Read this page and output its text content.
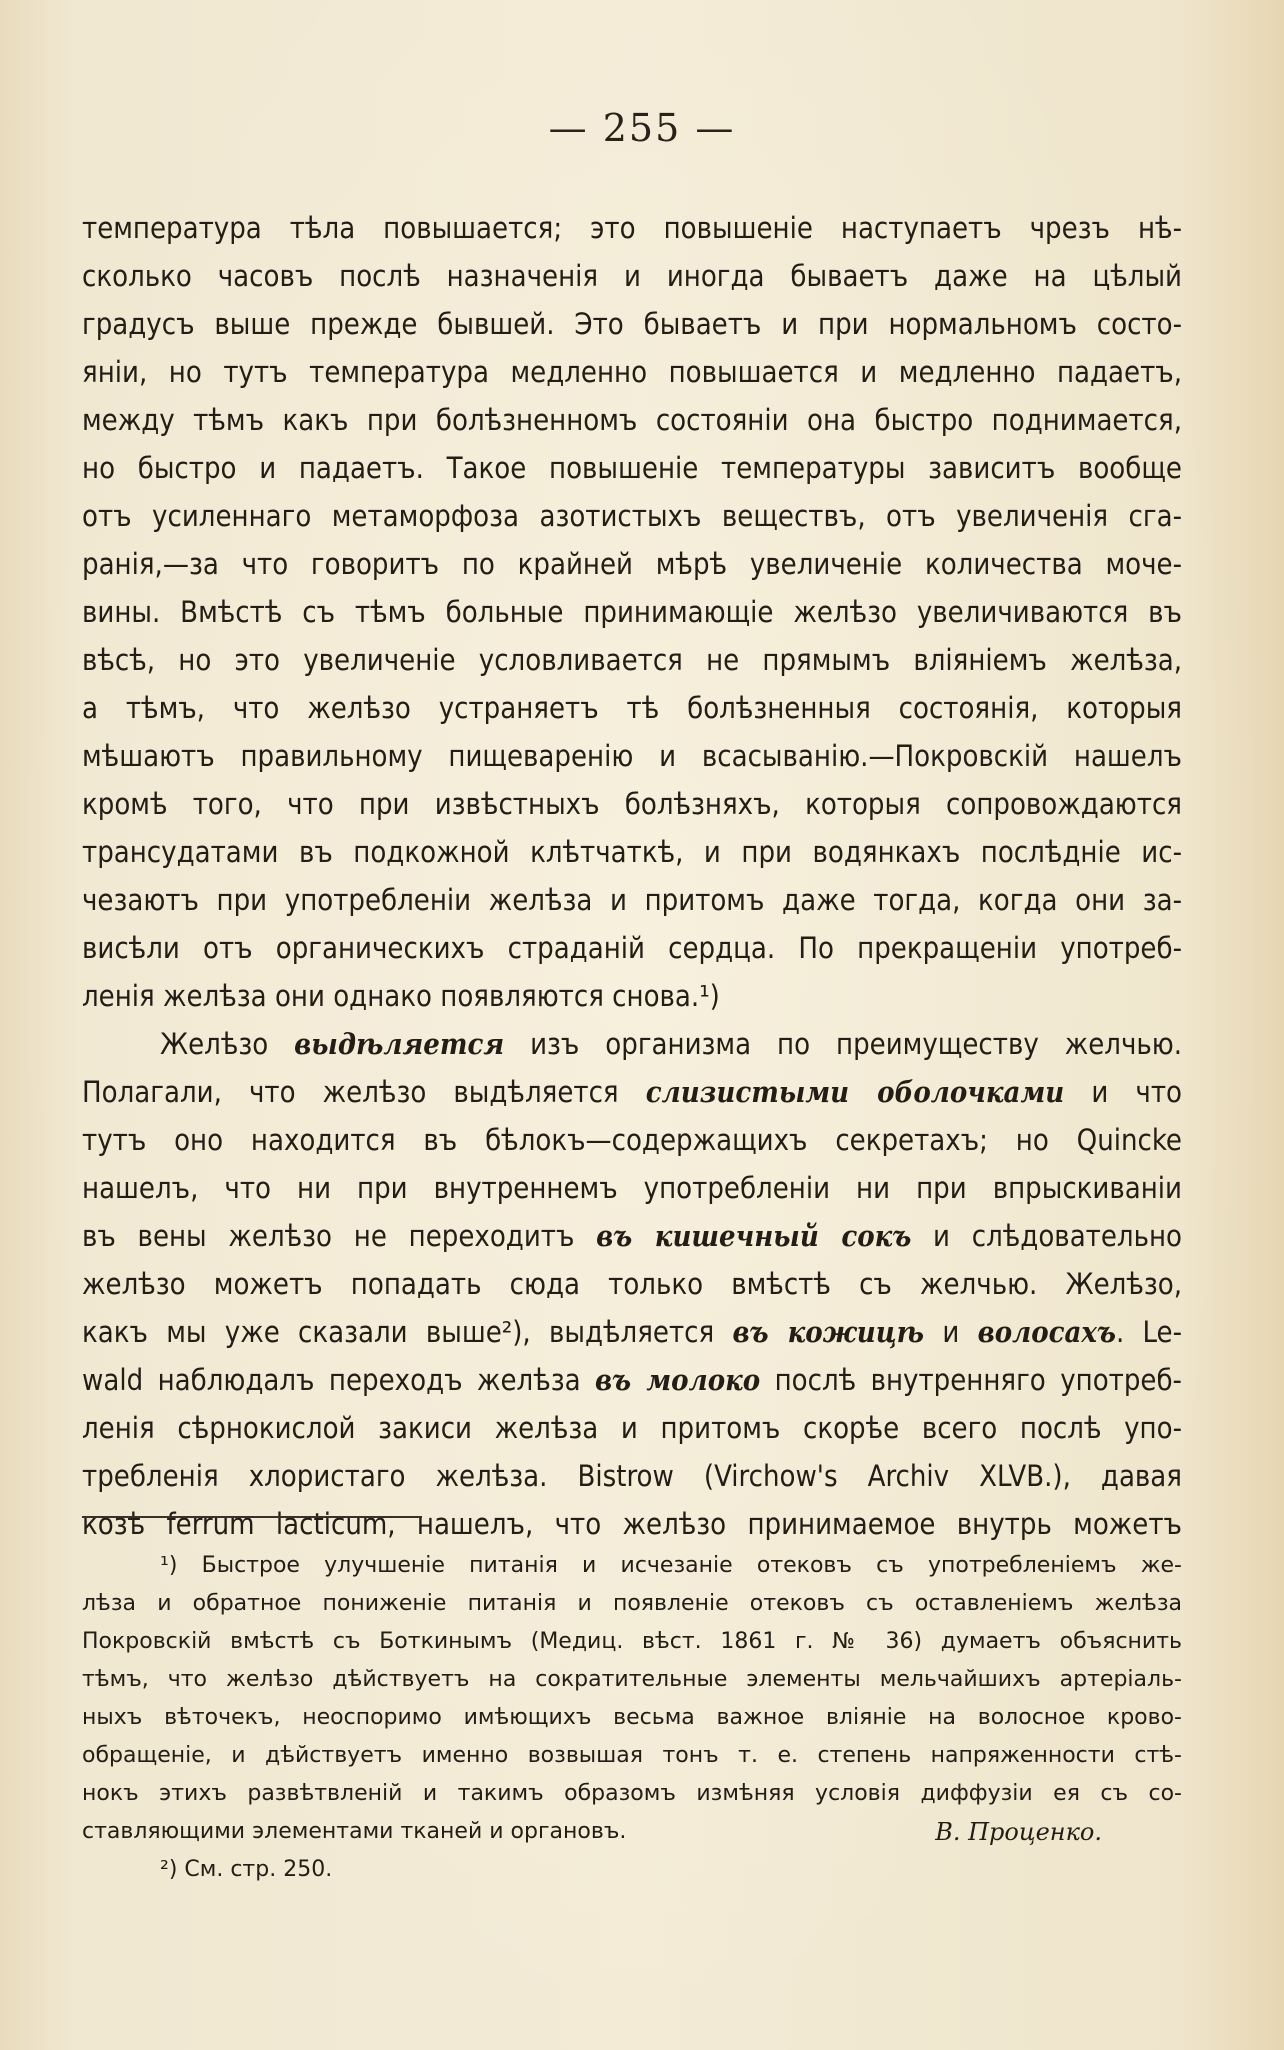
— 255 —
температура тѣла повышается; это повышеніе наступаетъ чрезъ нѣ-
сколько часовъ послѣ назначенія и иногда бываетъ даже на цѣлый
градусъ выше прежде бывшей. Это бываетъ и при нормальномъ состо-
яніи, но тутъ температура медленно повышается и медленно падаетъ,
между тѣмъ какъ при болѣзненномъ состояніи она быстро поднимается,
но быстро и падаетъ. Такое повышеніе температуры зависитъ вообще
отъ усиленнаго метаморфоза азотистыхъ веществъ, отъ увеличенія сга-
ранія,—за что говоритъ по крайней мѣрѣ увеличеніе количества моче-
вины. Вмѣстѣ съ тѣмъ больные принимающіе желѣзо увеличиваются въ
вѣсѣ, но это увеличеніе условливается не прямымъ вліяніемъ желѣза,
а тѣмъ, что желѣзо устраняетъ тѣ болѣзненныя состоянія, которыя
мѣшаютъ правильному пищеваренію и всасыванію.—Покровскій нашелъ
кромѣ того, что при извѣстныхъ болѣзняхъ, которыя сопровождаются
трансудатами въ подкожной клѣтчаткѣ, и при водянкахъ послѣдніе ис-
чезаютъ при употребленіи желѣза и притомъ даже тогда, когда они за-
висѣли отъ органическихъ страданій сердца. По прекращеніи употреб-
ленія желѣза они однако появляются снова.¹)
Желѣзо выдѣляется изъ организма по преимуществу желчью.
Полагали, что желѣзо выдѣляется слизистыми оболочками и что
тутъ оно находится въ бѣлокъ—содержащихъ секретахъ; но Quincke
нашелъ, что ни при внутреннемъ употребленіи ни при впрыскиваніи
въ вены желѣзо не переходитъ въ кишечный сокъ и слѣдовательно
желѣзо можетъ попадать сюда только вмѣстѣ съ желчью. Желѣзо,
какъ мы уже сказали выше²), выдѣляется въ кожицѣ и волосахъ. Le-
wald наблюдалъ переходъ желѣза въ молоко послѣ внутренняго употреб-
ленія сѣрнокислой закиси желѣза и притомъ скорѣе всего послѣ упо-
требленія хлористаго желѣза. Bistrow (Virchow's Archiv XLVB.), давая
козѣ ferrum lacticum, нашелъ, что желѣзо принимаемое внутрь можетъ
¹) Быстрое улучшеніе питанія и исчезаніе отековъ съ употребленіемъ же-
лѣза и обратное пониженіе питанія и появленіе отековъ съ оставленіемъ желѣза
Покровскій вмѣстѣ съ Боткинымъ (Медиц. вѣст. 1861 г. № 36) думаетъ объяснить
тѣмъ, что желѣзо дѣйствуетъ на сократительные элементы мельчайшихъ артеріаль-
ныхъ вѣточекъ, неоспоримо имѣющихъ весьма важное вліяніе на волосное крово-
обращеніе, и дѣйствуетъ именно возвышая тонъ т. е. степень напряженности стѣ-
нокъ этихъ развѣтвленій и такимъ образомъ измѣняя условія диффузіи ея съ со-
ставляющими элементами тканей и органовъ.	В. Проценко.
²) См. стр. 250.
